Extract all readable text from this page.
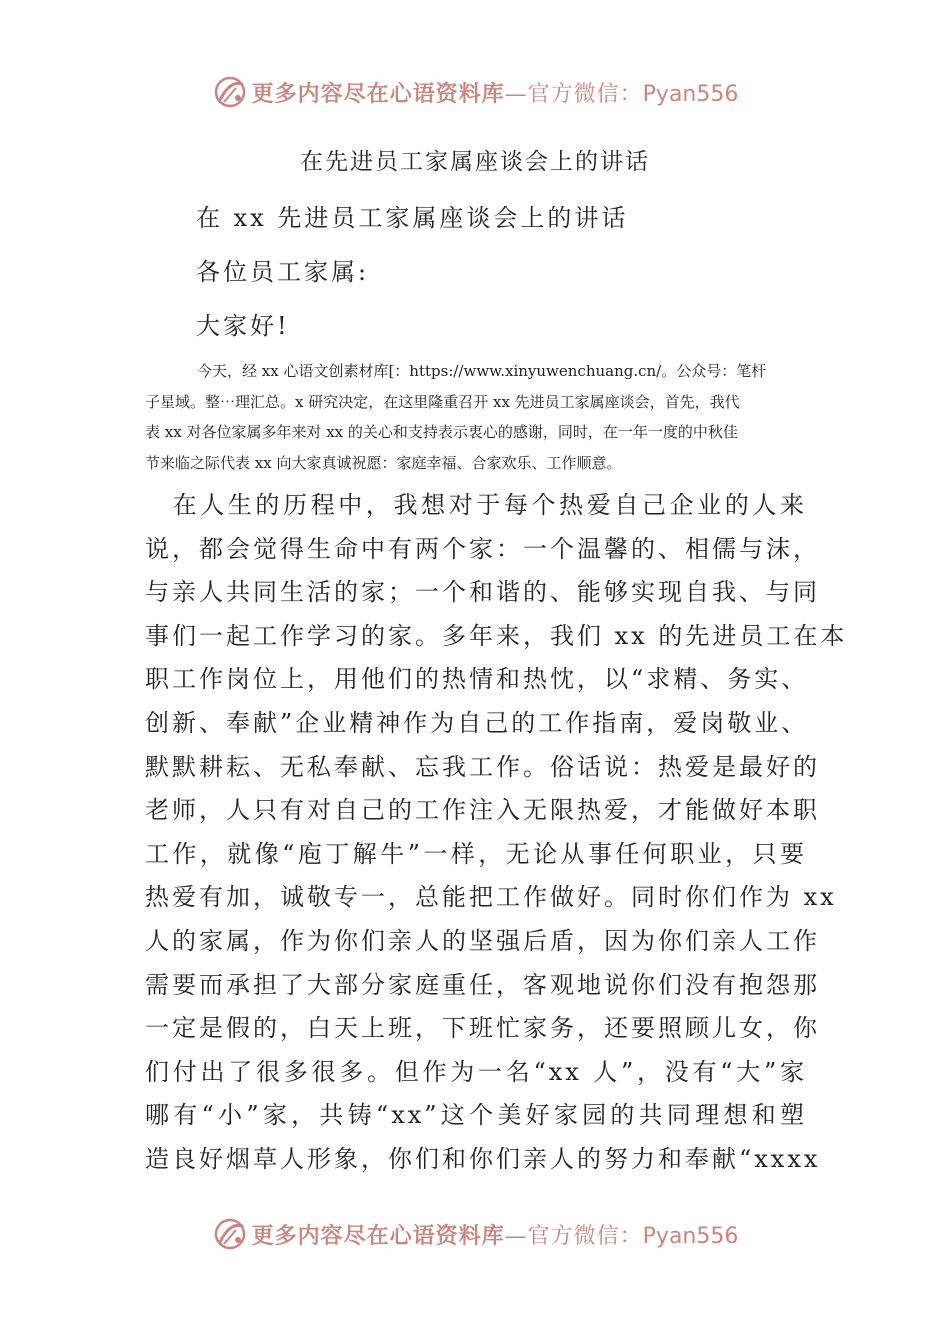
更多内容尽在心语资料库—官方微信：Pyan556
在先进员工家属座谈会上的讲话
在 xx 先进员工家属座谈会上的讲话
各位员工家属:
大家好!
今天，经 xx 心语文创素材库[：https://www.xinyuwenchuang.cn/。公众号：笔杆
子星域。整⋯理汇总。x 研究决定，在这里隆重召开 xx 先进员工家属座谈会，首先，我代
表 xx 对各位家属多年来对 xx 的关心和支持表示衷心的感谢，同时，在一年一度的中秋佳
节来临之际代表 xx 向大家真诚祝愿：家庭幸福、合家欢乐、工作顺意。
　在人生的历程中，我想对于每个热爱自己企业的人来
说，都会觉得生命中有两个家：一个温馨的、相儒与沫，
与亲人共同生活的家；一个和谐的、能够实现自我、与同
事们一起工作学习的家。多年来，我们 xx 的先进员工在本
职工作岗位上，用他们的热情和热忱，以“求精、务实、
创新、奉献”企业精神作为自己的工作指南，爱岗敬业、
默默耕耘、无私奉献、忘我工作。俗话说：热爱是最好的
老师，人只有对自己的工作注入无限热爱，才能做好本职
工作，就像“庖丁解牛”一样，无论从事任何职业，只要
热爱有加，诚敬专一，总能把工作做好。同时你们作为 xx
人的家属，作为你们亲人的坚强后盾，因为你们亲人工作
需要而承担了大部分家庭重任，客观地说你们没有抱怨那
一定是假的，白天上班，下班忙家务，还要照顾儿女，你
们付出了很多很多。但作为一名“xx 人”，没有“大”家
哪有“小”家，共铸“xx”这个美好家园的共同理想和塑
造良好烟草人形象，你们和你们亲人的努力和奉献“xxxx
更多内容尽在心语资料库—官方微信：Pyan556
